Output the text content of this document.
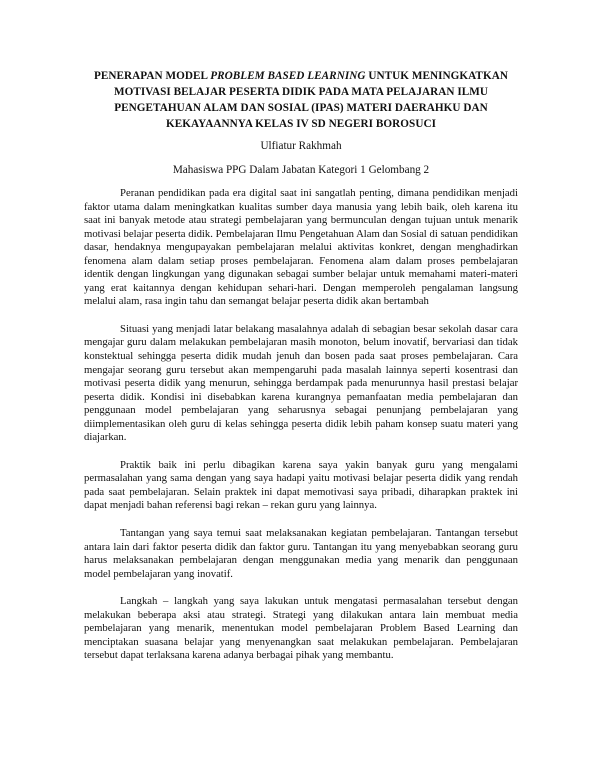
PENERAPAN MODEL PROBLEM BASED LEARNING UNTUK MENINGKATKAN MOTIVASI BELAJAR PESERTA DIDIK PADA MATA PELAJARAN ILMU PENGETAHUAN ALAM DAN SOSIAL (IPAS) MATERI DAERAHKU DAN KEKAYAANNYA KELAS IV SD NEGERI BOROSUCI

Ulfiatur Rakhmah

Mahasiswa PPG Dalam Jabatan Kategori 1 Gelombang 2

Peranan pendidikan pada era digital saat ini sangatlah penting, dimana pendidikan menjadi faktor utama dalam meningkatkan kualitas sumber daya manusia yang lebih baik, oleh karena itu saat ini banyak metode atau strategi pembelajaran yang bermunculan dengan tujuan untuk menarik motivasi belajar peserta didik. Pembelajaran Ilmu Pengetahuan Alam dan Sosial di satuan pendidikan dasar, hendaknya mengupayakan pembelajaran melalui aktivitas konkret, dengan menghadirkan fenomena alam dalam setiap proses pembelajaran. Fenomena alam dalam proses pembelajaran identik dengan lingkungan yang digunakan sebagai sumber belajar untuk memahami materi-materi yang erat kaitannya dengan kehidupan sehari-hari. Dengan memperoleh pengalaman langsung melalui alam, rasa ingin tahu dan semangat belajar peserta didik akan bertambah

Situasi yang menjadi latar belakang masalahnya adalah di sebagian besar sekolah dasar cara mengajar guru dalam melakukan pembelajaran masih monoton, belum inovatif, bervariasi dan tidak konstektual sehingga peserta didik mudah jenuh dan bosen pada saat proses pembelajaran. Cara mengajar seorang guru tersebut akan mempengaruhi pada masalah lainnya seperti kosentrasi dan motivasi peserta didik yang menurun, sehingga berdampak pada menurunnya hasil prestasi belajar peserta didik. Kondisi ini disebabkan karena kurangnya pemanfaatan media pembelajaran dan penggunaan model pembelajaran yang seharusnya sebagai penunjang pembelajaran yang diimplementasikan oleh guru di kelas sehingga peserta didik lebih paham konsep suatu materi yang diajarkan.

Praktik baik ini perlu dibagikan karena saya yakin banyak guru yang mengalami permasalahan yang sama dengan yang saya hadapi yaitu motivasi belajar peserta didik yang rendah pada saat pembelajaran. Selain praktek ini dapat memotivasi saya pribadi, diharapkan praktek ini dapat menjadi bahan referensi bagi rekan – rekan guru yang lainnya.

Tantangan yang saya temui saat melaksanakan kegiatan pembelajaran. Tantangan tersebut antara lain dari faktor peserta didik dan faktor guru. Tantangan itu yang menyebabkan seorang guru harus melaksanakan pembelajaran dengan menggunakan media yang menarik dan penggunaan model pembelajaran yang inovatif.

Langkah – langkah yang saya lakukan untuk mengatasi permasalahan tersebut dengan melakukan beberapa aksi atau strategi. Strategi yang dilakukan antara lain membuat media pembelajaran yang menarik, menentukan model pembelajaran Problem Based Learning dan menciptakan suasana belajar yang menyenangkan saat melakukan pembelajaran. Pembelajaran tersebut dapat terlaksana karena adanya berbagai pihak yang membantu.
